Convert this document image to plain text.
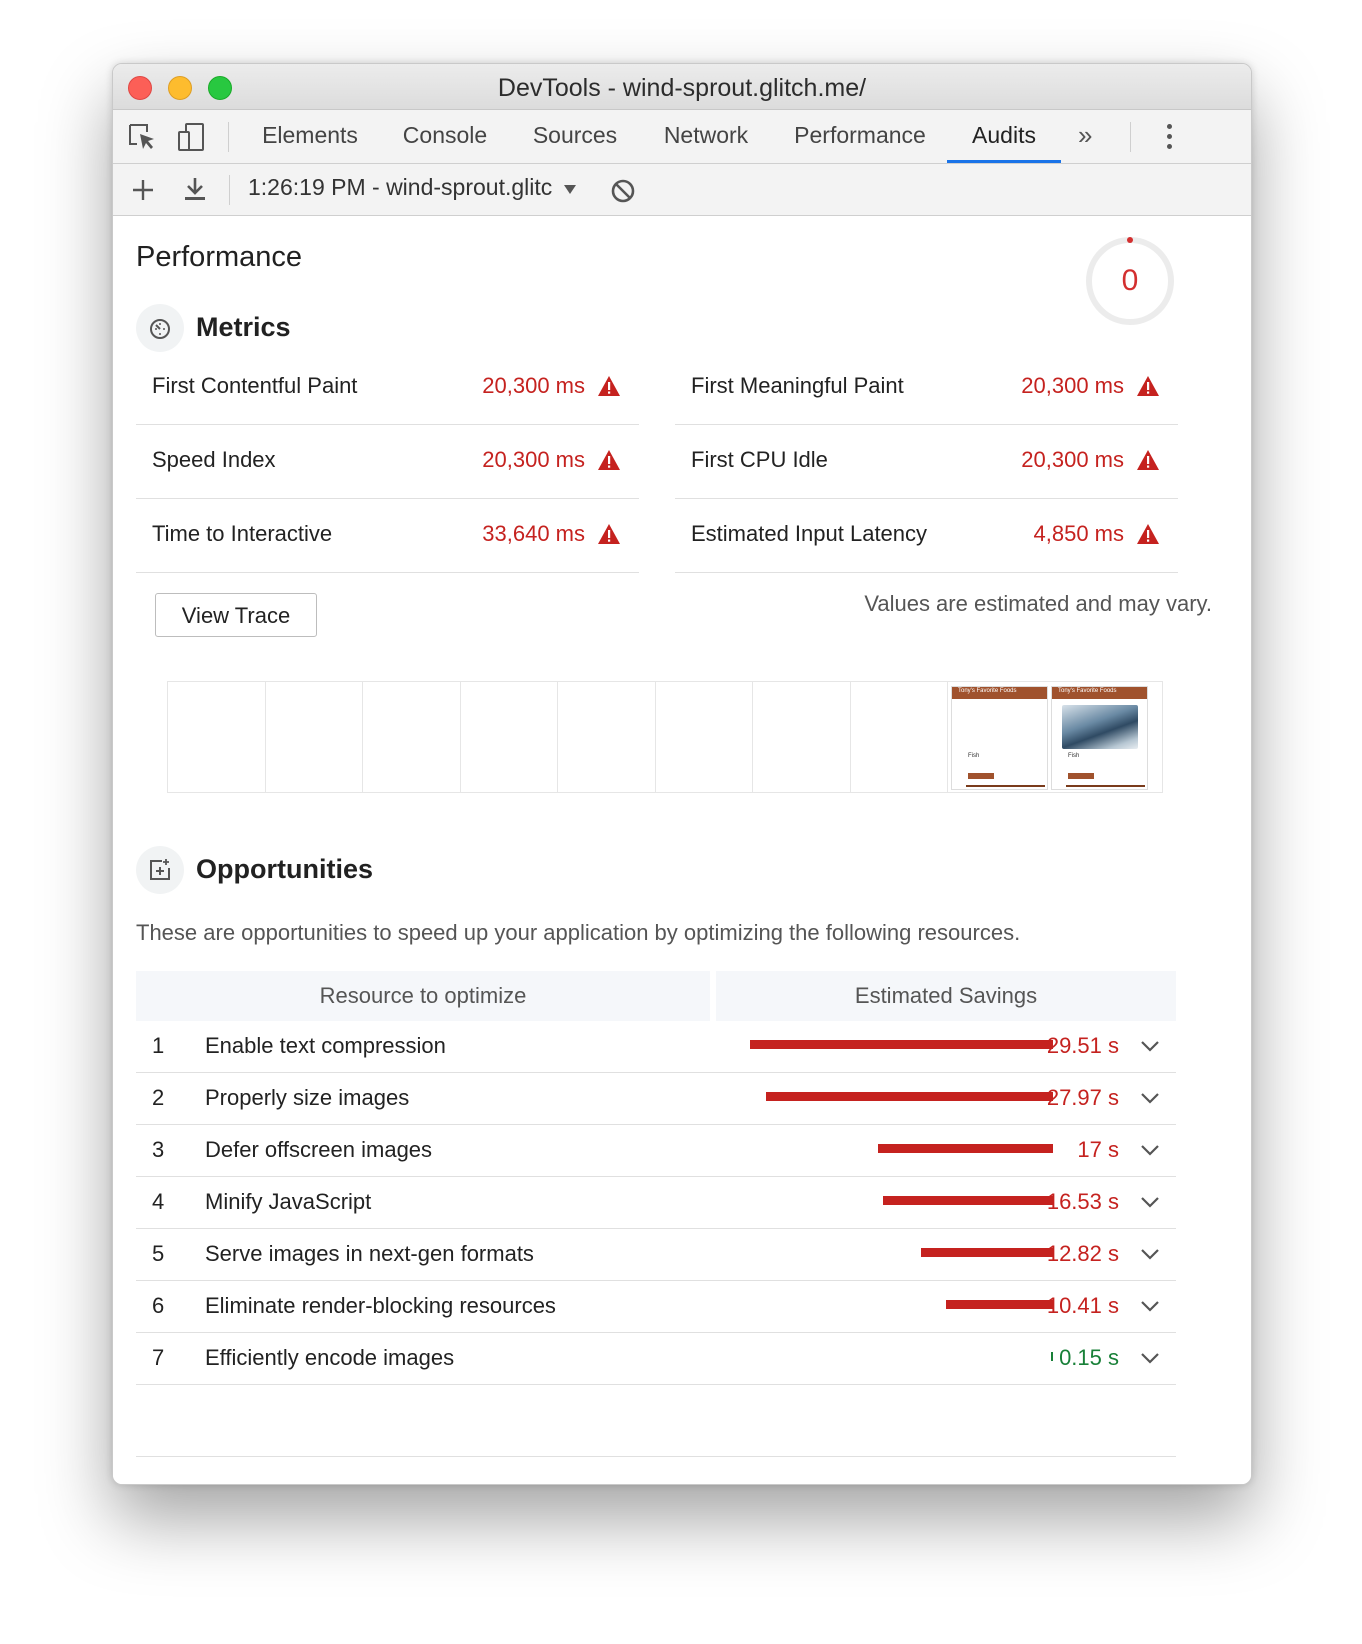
DevTools - wind-sprout.glitch.me/
Elements Console Sources Network Performance	Audits	»
1:26:19 PM - wind-sprout.glitc
Performance
0
Metrics
First Contentful Paint	20,300 ms	First Meaningful Paint	20,300 ms
Speed Index	20,300 ms	First CPU Idle	20,300 ms
Time to Interactive	33,640 ms	Estimated Input Latency	4,850 ms
View Trace	Values are estimated and may vary.
Tony's Favorite Foods
Fish
Tony's Favorite Foods
Fish
Opportunities
These are opportunities to speed up your application by optimizing the following resources.
Resource to optimize	Estimated Savings
1 Enable text compression	29.51 s
2 Properly size images	27.97 s
3 Defer offscreen images	17 s
4 Minify JavaScript	16.53 s
5 Serve images in next-gen formats	12.82 s
6 Eliminate render-blocking resources	10.41 s
7 Efficiently encode images	0.15 s
